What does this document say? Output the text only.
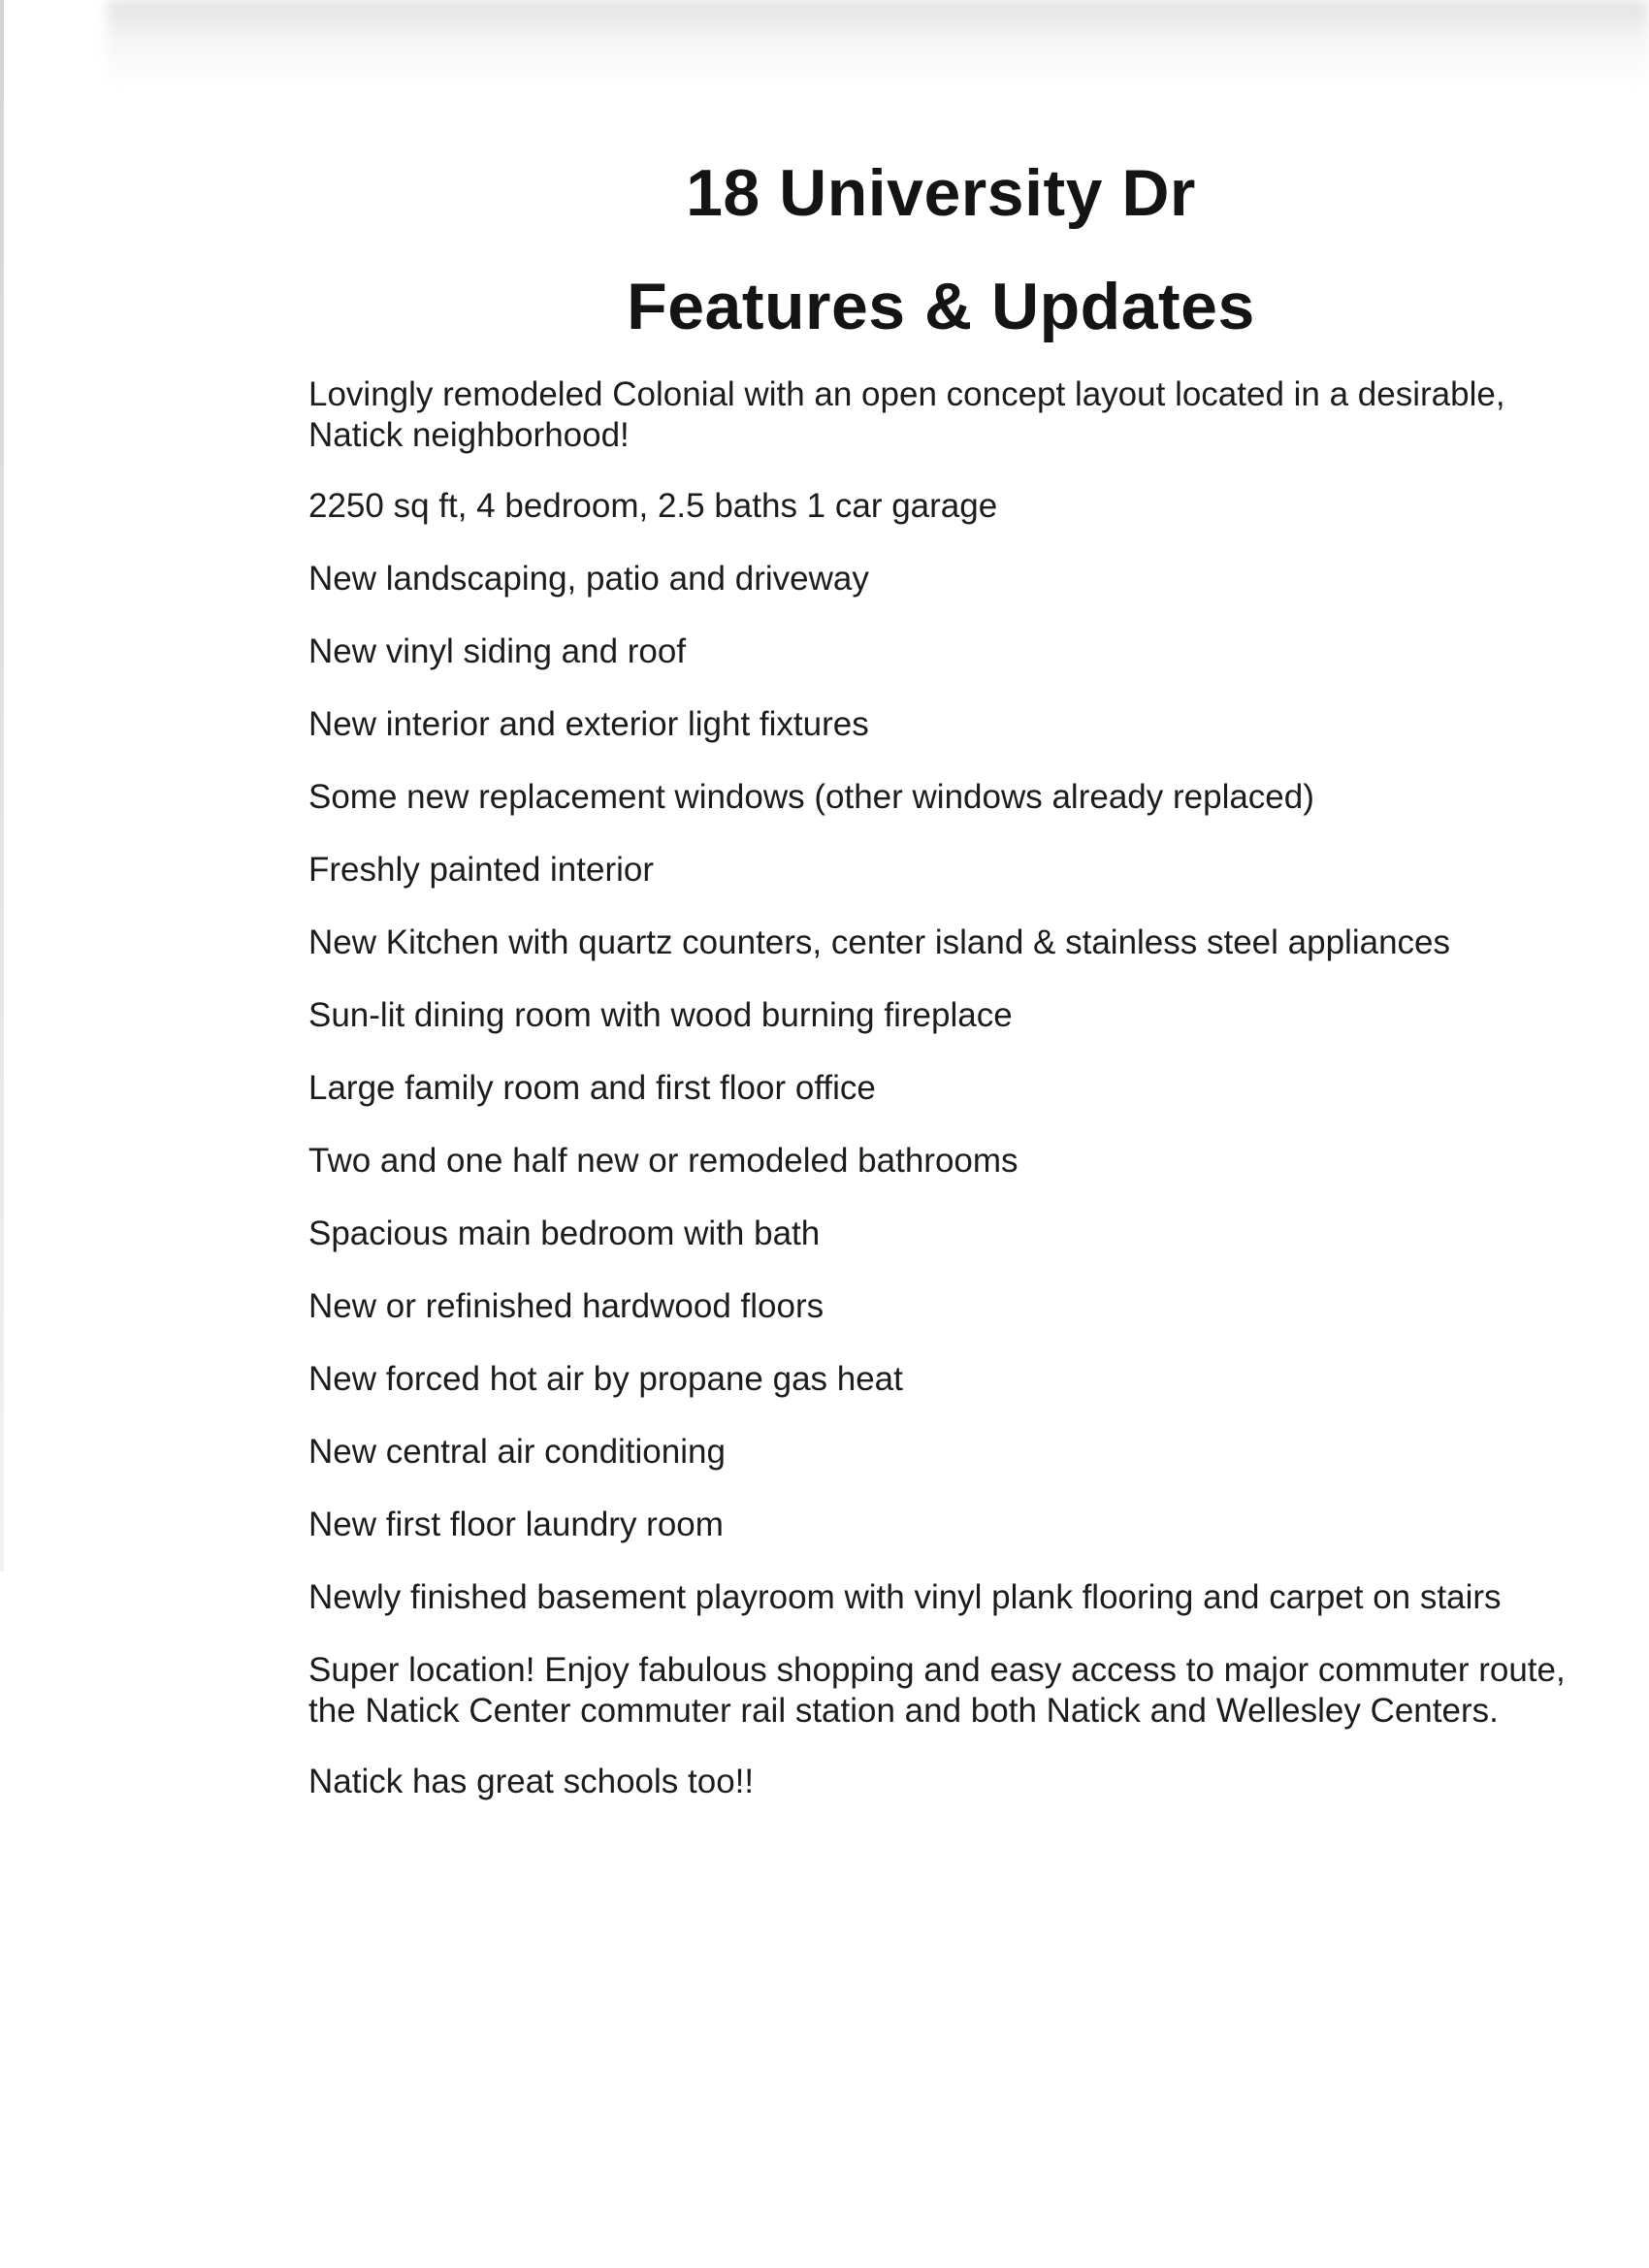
18 University Dr
Features & Updates
Lovingly remodeled Colonial with an open concept layout located in a desirable, Natick neighborhood!
2250 sq ft, 4 bedroom, 2.5 baths 1 car garage
New landscaping, patio and driveway
New vinyl siding and roof
New interior and exterior light fixtures
Some new replacement windows (other windows already replaced)
Freshly painted interior
New Kitchen with quartz counters, center island & stainless steel appliances
Sun-lit dining room with wood burning fireplace
Large family room and first floor office
Two and one half new or remodeled bathrooms
Spacious main bedroom with bath
New or refinished hardwood floors
New forced hot air by propane gas heat
New central air conditioning
New first floor laundry room
Newly finished basement playroom with vinyl plank flooring and carpet on stairs
Super location! Enjoy fabulous shopping and easy access to major commuter route, the Natick Center commuter rail station and both Natick and Wellesley Centers.
Natick has great schools too!!
